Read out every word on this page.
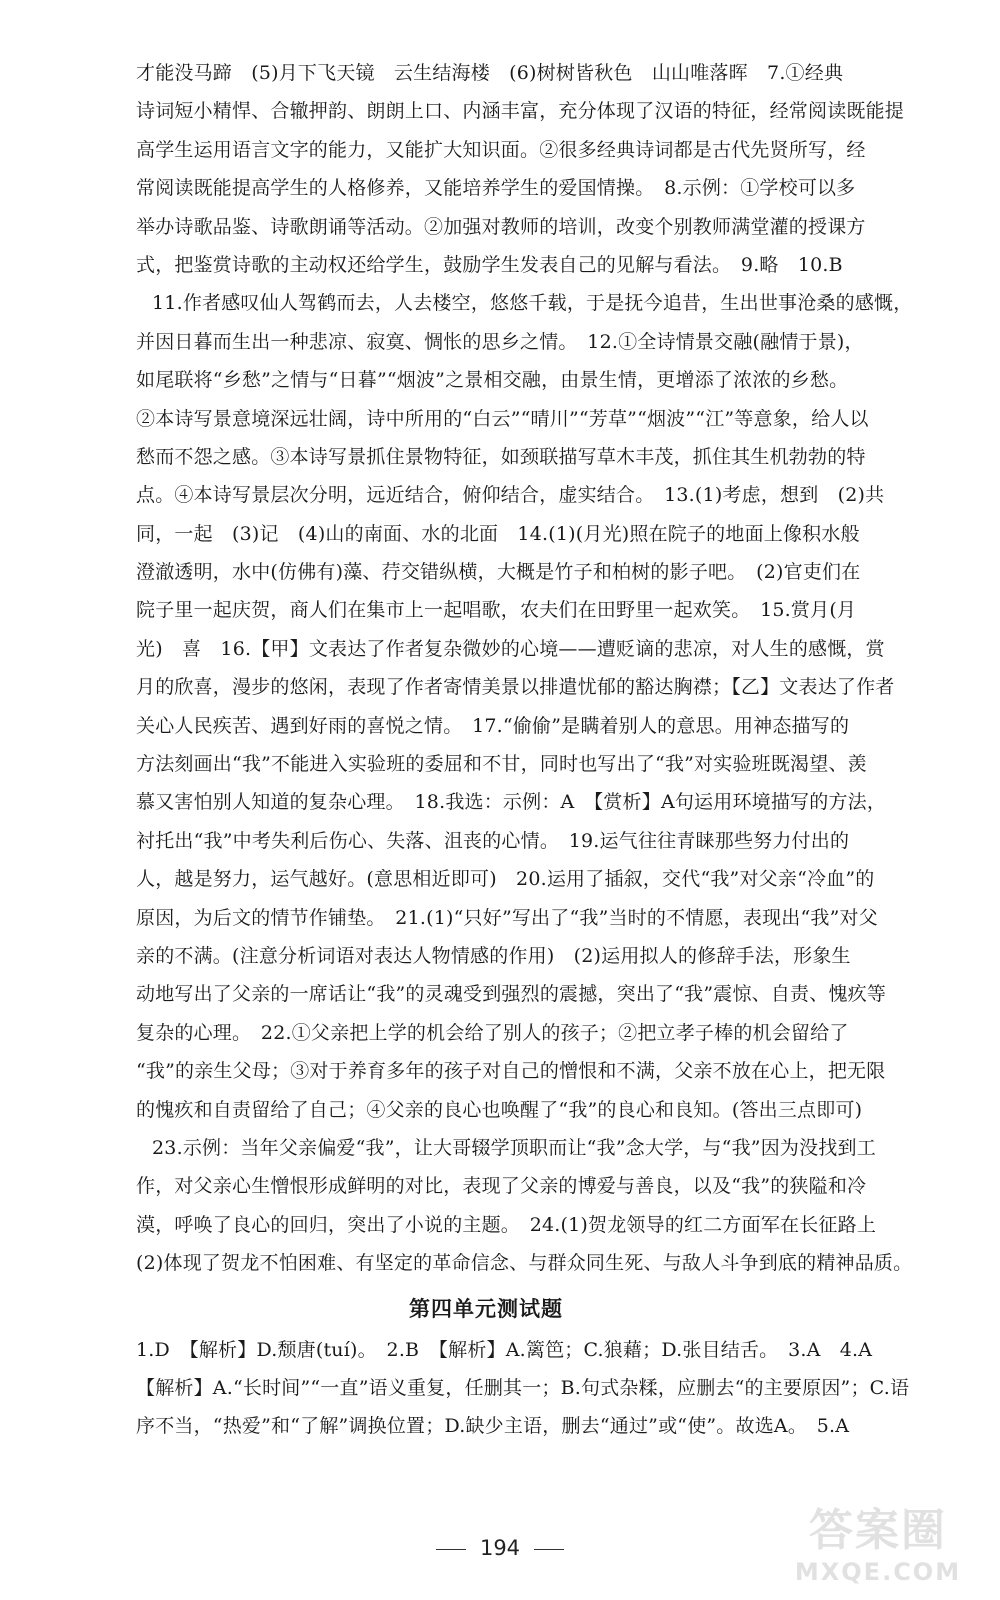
才能没马蹄　(5)月下飞天镜　云生结海楼　(6)树树皆秋色　山山唯落晖　7.①经典
诗词短小精悍、合辙押韵、朗朗上口、内涵丰富，充分体现了汉语的特征，经常阅读既能提
高学生运用语言文字的能力，又能扩大知识面。②很多经典诗词都是古代先贤所写，经
常阅读既能提高学生的人格修养，又能培养学生的爱国情操。　8.示例：①学校可以多
举办诗歌品鉴、诗歌朗诵等活动。②加强对教师的培训，改变个别教师满堂灌的授课方
式，把鉴赏诗歌的主动权还给学生，鼓励学生发表自己的见解与看法。　9.略　10.B
11.作者感叹仙人驾鹤而去，人去楼空，悠悠千载，于是抚今追昔，生出世事沧桑的感慨，
并因日暮而生出一种悲凉、寂寞、惆怅的思乡之情。　12.①全诗情景交融(融情于景)，
如尾联将“乡愁”之情与“日暮”“烟波”之景相交融，由景生情，更增添了浓浓的乡愁。
②本诗写景意境深远壮阔，诗中所用的“白云”“晴川”“芳草”“烟波”“江”等意象，给人以
愁而不怨之感。③本诗写景抓住景物特征，如颈联描写草木丰茂，抓住其生机勃勃的特
点。④本诗写景层次分明，远近结合，俯仰结合，虚实结合。　13.(1)考虑，想到　(2)共
同，一起　(3)记　(4)山的南面、水的北面　14.(1)(月光)照在院子的地面上像积水般
澄澈透明，水中(仿佛有)藻、荇交错纵横，大概是竹子和柏树的影子吧。　(2)官吏们在
院子里一起庆贺，商人们在集市上一起唱歌，农夫们在田野里一起欢笑。　15.赏月(月
光)　喜　16.【甲】文表达了作者复杂微妙的心境——遭贬谪的悲凉，对人生的感慨，赏
月的欣喜，漫步的悠闲，表现了作者寄情美景以排遣忧郁的豁达胸襟；【乙】文表达了作者
关心人民疾苦、遇到好雨的喜悦之情。　17.“偷偷”是瞒着别人的意思。用神态描写的
方法刻画出“我”不能进入实验班的委屈和不甘，同时也写出了“我”对实验班既渴望、羡
慕又害怕别人知道的复杂心理。　18.我选：示例：A　【赏析】A句运用环境描写的方法，
衬托出“我”中考失利后伤心、失落、沮丧的心情。　19.运气往往青睐那些努力付出的
人，越是努力，运气越好。(意思相近即可)　20.运用了插叙，交代“我”对父亲“冷血”的
原因，为后文的情节作铺垫。　21.(1)“只好”写出了“我”当时的不情愿，表现出“我”对父
亲的不满。(注意分析词语对表达人物情感的作用)　(2)运用拟人的修辞手法，形象生
动地写出了父亲的一席话让“我”的灵魂受到强烈的震撼，突出了“我”震惊、自责、愧疚等
复杂的心理。　22.①父亲把上学的机会给了别人的孩子；②把立孝子棒的机会留给了
“我”的亲生父母；③对于养育多年的孩子对自己的憎恨和不满，父亲不放在心上，把无限
的愧疚和自责留给了自己；④父亲的良心也唤醒了“我”的良心和良知。(答出三点即可)
23.示例：当年父亲偏爱“我”，让大哥辍学顶职而让“我”念大学，与“我”因为没找到工
作，对父亲心生憎恨形成鲜明的对比，表现了父亲的博爱与善良，以及“我”的狭隘和冷
漠，呼唤了良心的回归，突出了小说的主题。　24.(1)贺龙领导的红二方面军在长征路上
(2)体现了贺龙不怕困难、有坚定的革命信念、与群众同生死、与敌人斗争到底的精神品质。
第四单元测试题
1.D　【解析】D.颓唐(tuí)。　2.B　【解析】A.篱笆；C.狼藉；D.张目结舌。　3.A　4.A
【解析】A.“长时间”“一直”语义重复，任删其一；B.句式杂糅，应删去“的主要原因”；C.语
序不当，“热爱”和“了解”调换位置；D.缺少主语，删去“通过”或“使”。故选A。　5.A
194	答案圈
MXQE.COM
